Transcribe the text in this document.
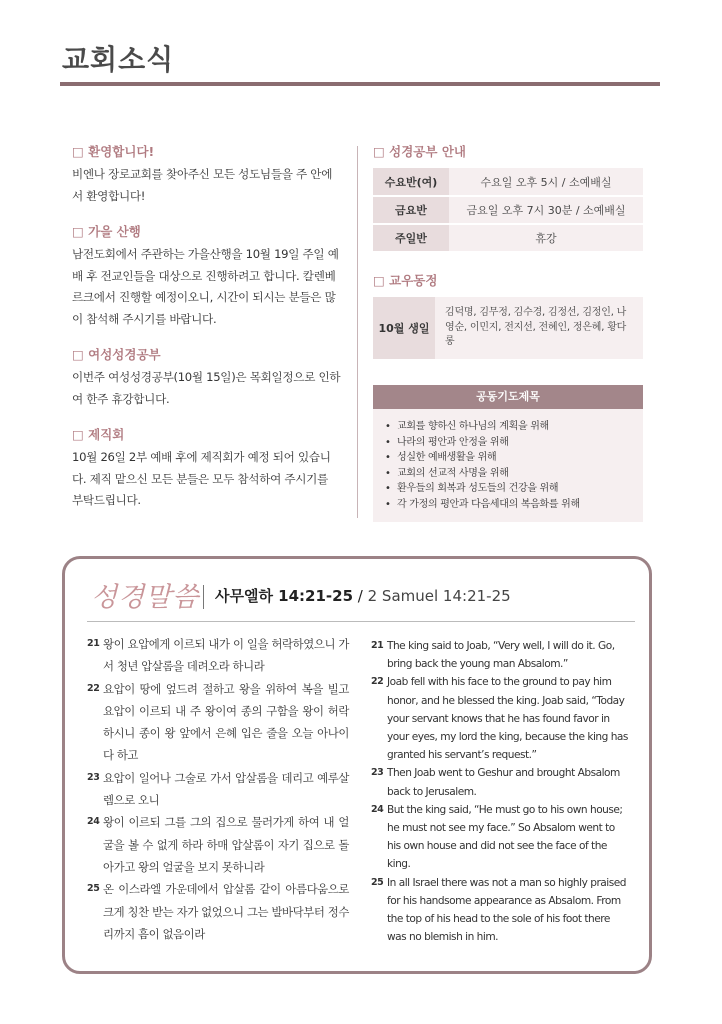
교회소식
□ 환영합니다!
비엔나 장로교회를 찾아주신 모든 성도님들을 주 안에서 환영합니다!
□ 가을 산행
남전도회에서 주관하는 가을산행을 10월 19일 주일 예배 후 전교인들을 대상으로 진행하려고 합니다. 칼렌베르크에서 진행할 예정이오니, 시간이 되시는 분들은 많이 참석해 주시기를 바랍니다.
□ 여성성경공부
이번주 여성성경공부(10월 15일)은 목회일정으로 인하여 한주 휴강합니다.
□ 제직회
10월 26일 2부 예배 후에 제직회가 예정 되어 있습니다. 제직 맡으신 모든 분들은 모두 참석하여 주시기를 부탁드립니다.
□ 성경공부 안내
수요반(여)	수요일 오후 5시 / 소예배실
금요반	금요일 오후 7시 30분 / 소예배실
주일반	휴강
□ 교우동정
10월 생일	김덕명, 김무정, 김수경, 김정선, 김정인, 나영순, 이민지, 전지선, 전혜인, 정은혜, 황다롱
공동기도제목
• 교회를 향하신 하나님의 계획을 위해
• 나라의 평안과 안정을 위해
• 성실한 예배생활을 위해
• 교회의 선교적 사명을 위해
• 환우들의 회복과 성도들의 건강을 위해
• 각 가정의 평안과 다음세대의 복음화를 위해
성경말씀 사무엘하 14:21-25 / 2 Samuel 14:21-25
21 왕이 요압에게 이르되 내가 이 일을 허락하였으니 가서 청년 압살롬을 데려오라 하니라
22 요압이 땅에 엎드려 절하고 왕을 위하여 복을 빌고 요압이 이르되 내 주 왕이여 종의 구함을 왕이 허락하시니 종이 왕 앞에서 은혜 입은 줄을 오늘 아나이다 하고
23 요압이 일어나 그술로 가서 압살롬을 데리고 예루살렘으로 오니
24 왕이 이르되 그를 그의 집으로 물러가게 하여 내 얼굴을 볼 수 없게 하라 하매 압살롬이 자기 집으로 돌아가고 왕의 얼굴을 보지 못하니라
25 온 이스라엘 가운데에서 압살롬 같이 아름다움으로 크게 칭찬 받는 자가 없었으니 그는 발바닥부터 정수리까지 흠이 없음이라
21 The king said to Joab, “Very well, I will do it. Go, bring back the young man Absalom.”
22 Joab fell with his face to the ground to pay him honor, and he blessed the king. Joab said, “Today your servant knows that he has found favor in your eyes, my lord the king, because the king has granted his servant’s request.”
23 Then Joab went to Geshur and brought Absalom back to Jerusalem.
24 But the king said, “He must go to his own house; he must not see my face.” So Absalom went to his own house and did not see the face of the king.
25 In all Israel there was not a man so highly praised for his handsome appearance as Absalom. From the top of his head to the sole of his foot there was no blemish in him.
